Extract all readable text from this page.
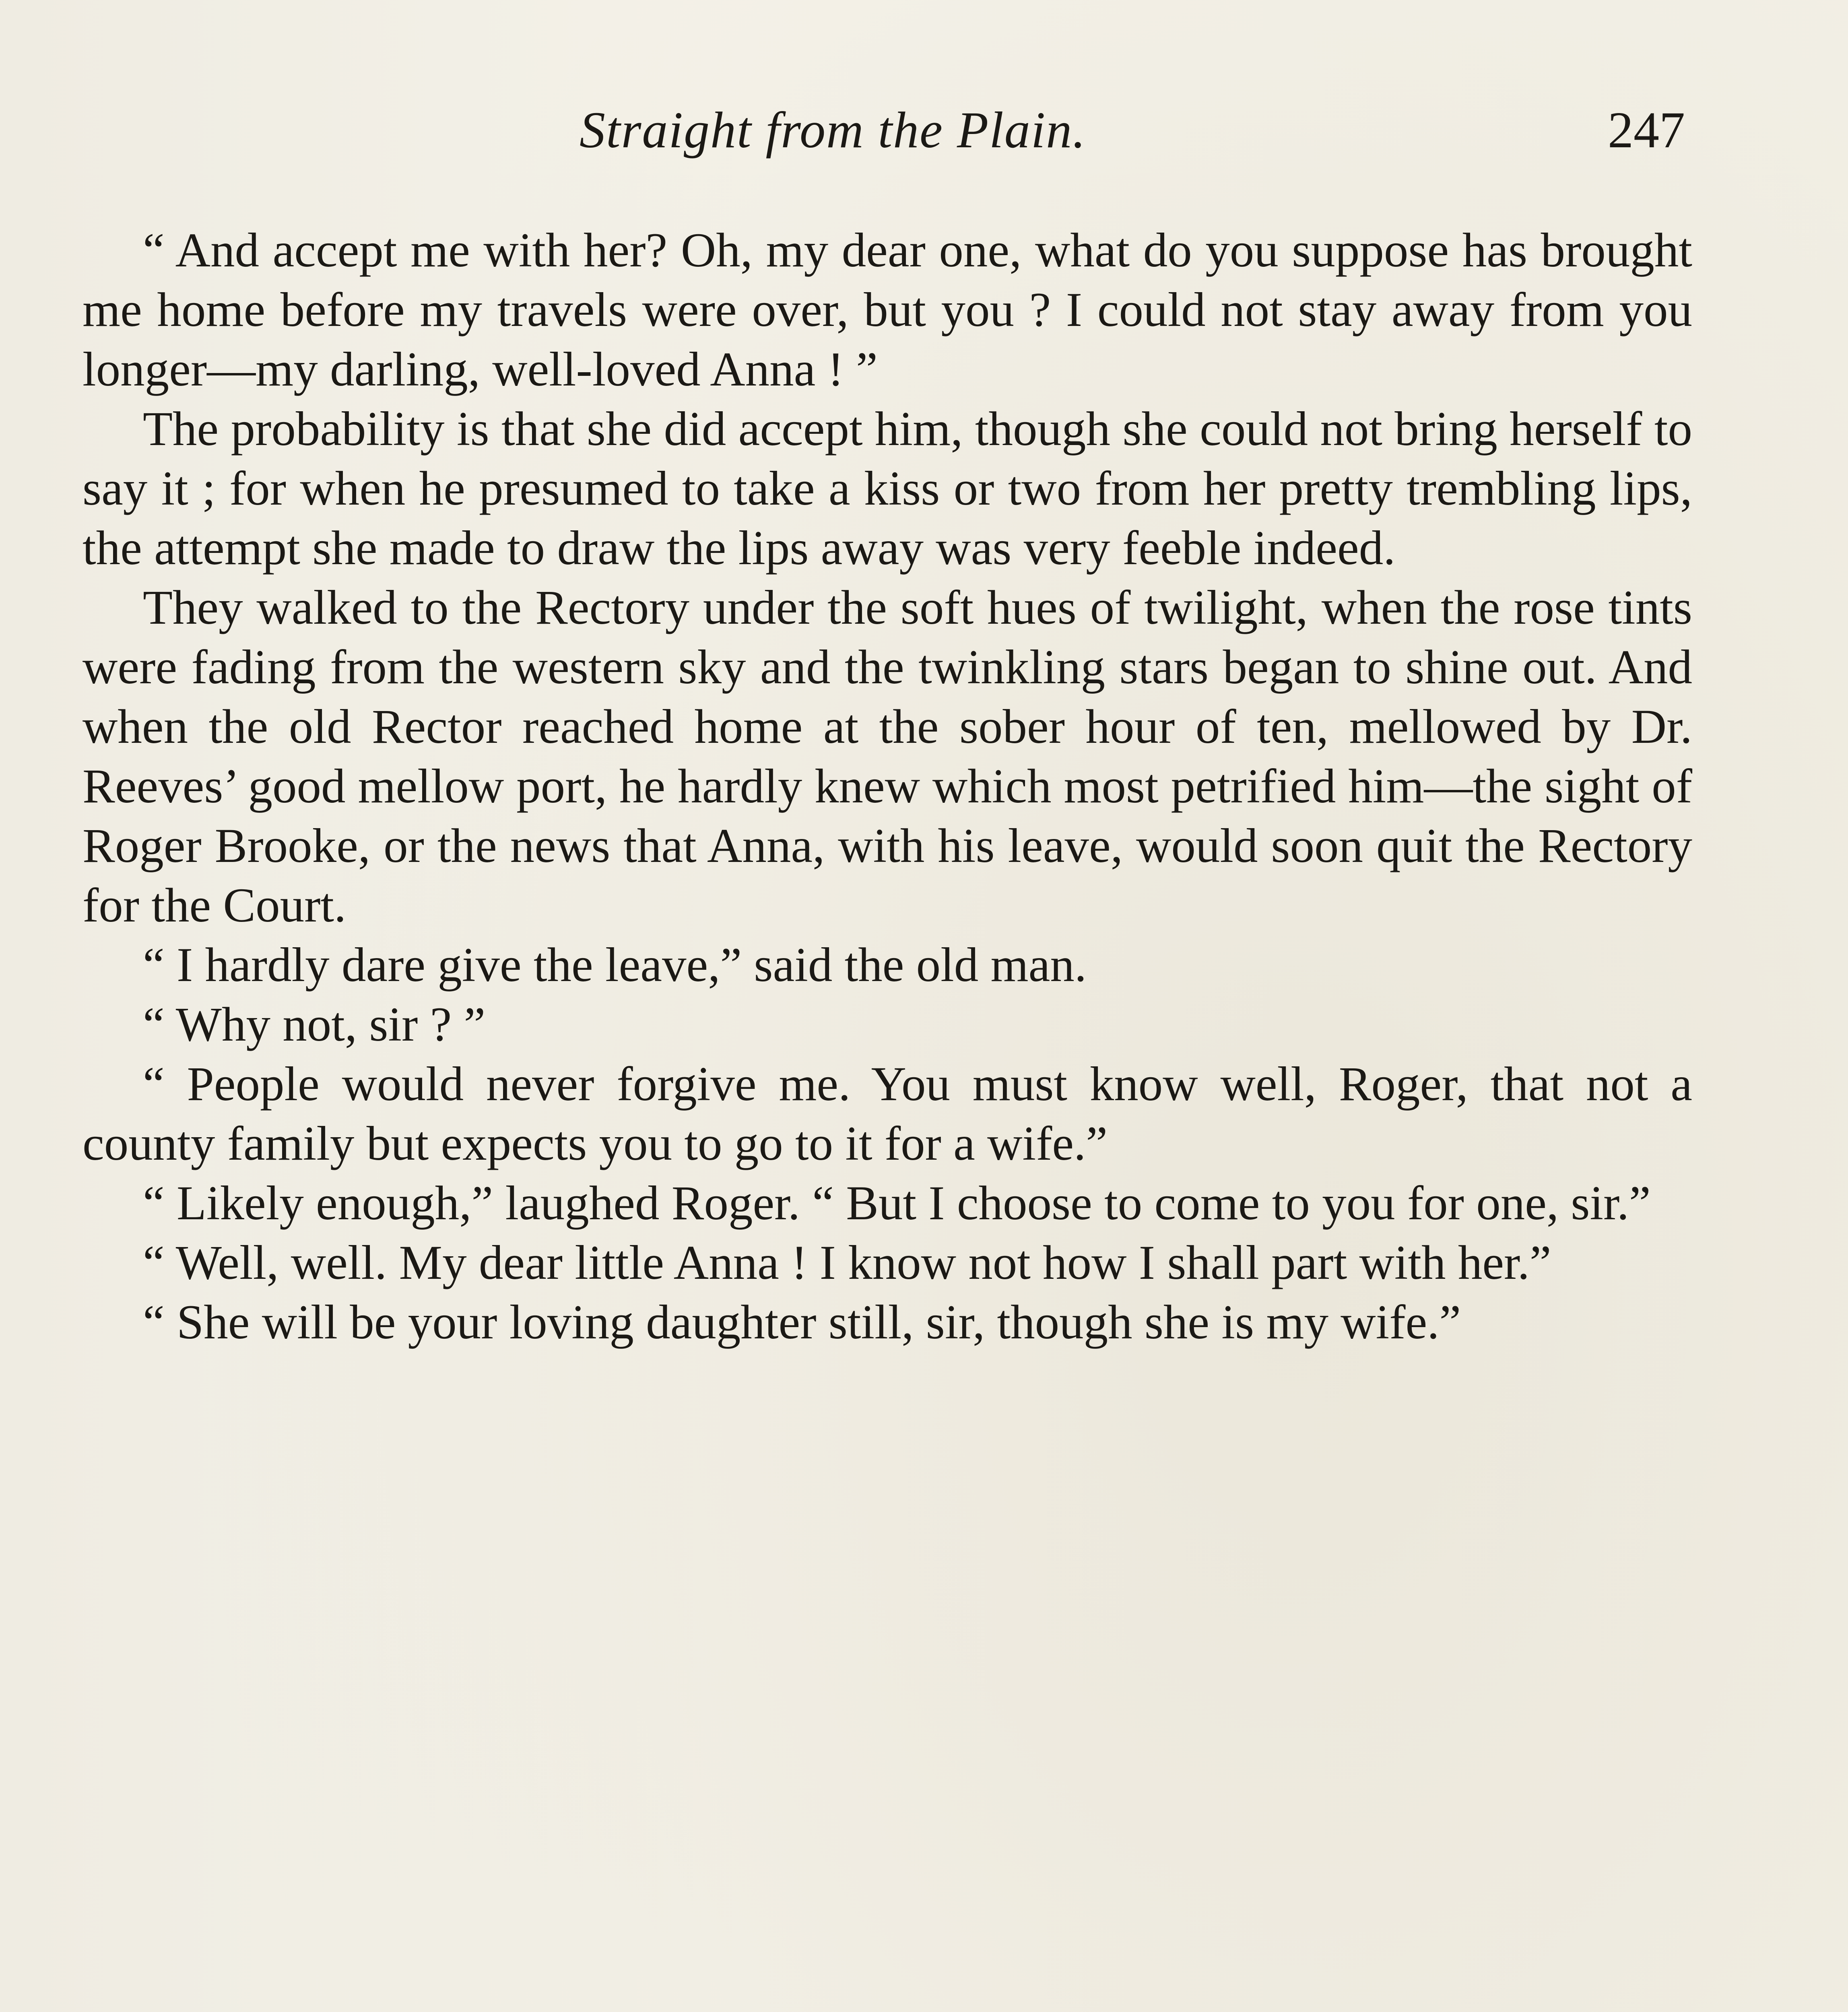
Straight from the Plain.	247

“ And accept me with her? Oh, my dear one, what do you suppose has brought me home before my travels were over, but you ? I could not stay away from you longer—my darling, well-loved Anna ! ”

The probability is that she did accept him, though she could not bring herself to say it ; for when he presumed to take a kiss or two from her pretty trembling lips, the attempt she made to draw the lips away was very feeble indeed.

They walked to the Rectory under the soft hues of twilight, when the rose tints were fading from the western sky and the twinkling stars began to shine out. And when the old Rector reached home at the sober hour of ten, mellowed by Dr. Reeves’ good mellow port, he hardly knew which most petrified him—the sight of Roger Brooke, or the news that Anna, with his leave, would soon quit the Rectory for the Court.

“ I hardly dare give the leave,” said the old man.

“ Why not, sir ? ”

“ People would never forgive me. You must know well, Roger, that not a county family but expects you to go to it for a wife.”

“ Likely enough,” laughed Roger. “ But I choose to come to you for one, sir.”

“ Well, well. My dear little Anna ! I know not how I shall part with her.”

“ She will be your loving daughter still, sir, though she is my wife.”
